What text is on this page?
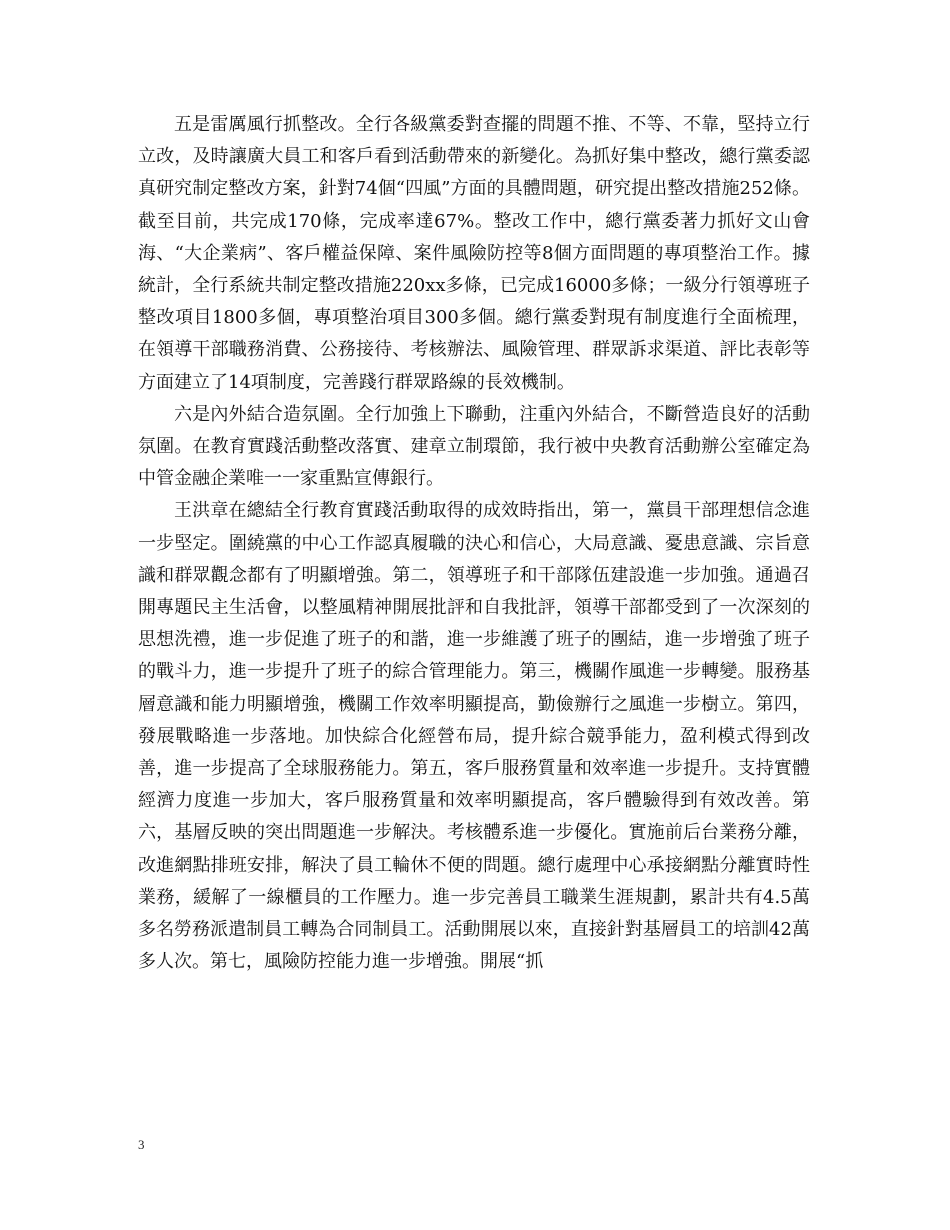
五是雷厲風行抓整改。全行各級黨委對查擺的問題不推、不等、不靠，堅持立行立改，及時讓廣大員工和客戶看到活動帶來的新變化。為抓好集中整改，總行黨委認真研究制定整改方案，針對74個“四風”方面的具體問題，研究提出整改措施252條。截至目前，共完成170條，完成率達67%。整改工作中，總行黨委著力抓好文山會海、“大企業病”、客戶權益保障、案件風險防控等8個方面問題的專項整治工作。據統計，全行系統共制定整改措施220xx多條，已完成16000多條；一級分行領導班子整改項目1800多個，專項整治項目300多個。總行黨委對現有制度進行全面梳理，在領導干部職務消費、公務接待、考核辦法、風險管理、群眾訴求渠道、評比表彰等方面建立了14項制度，完善踐行群眾路線的長效機制。

六是內外結合造氛圍。全行加強上下聯動，注重內外結合，不斷營造良好的活動氛圍。在教育實踐活動整改落實、建章立制環節，我行被中央教育活動辦公室確定為中管金融企業唯一一家重點宣傳銀行。

王洪章在總結全行教育實踐活動取得的成效時指出，第一，黨員干部理想信念進一步堅定。圍繞黨的中心工作認真履職的決心和信心，大局意識、憂患意識、宗旨意識和群眾觀念都有了明顯增強。第二，領導班子和干部隊伍建設進一步加強。通過召開專題民主生活會，以整風精神開展批評和自我批評，領導干部都受到了一次深刻的思想洗禮，進一步促進了班子的和諧，進一步維護了班子的團結，進一步增強了班子的戰斗力，進一步提升了班子的綜合管理能力。第三，機關作風進一步轉變。服務基層意識和能力明顯增強，機關工作效率明顯提高，勤儉辦行之風進一步樹立。第四，發展戰略進一步落地。加快綜合化經營布局，提升綜合競爭能力，盈利模式得到改善，進一步提高了全球服務能力。第五，客戶服務質量和效率進一步提升。支持實體經濟力度進一步加大，客戶服務質量和效率明顯提高，客戶體驗得到有效改善。第六，基層反映的突出問題進一步解決。考核體系進一步優化。實施前后台業務分離，改進網點排班安排，解決了員工輪休不便的問題。總行處理中心承接網點分離實時性業務，緩解了一線櫃員的工作壓力。進一步完善員工職業生涯規劃，累計共有4.5萬多名勞務派遣制員工轉為合同制員工。活動開展以來，直接針對基層員工的培訓42萬多人次。第七，風險防控能力進一步增強。開展“抓

3
